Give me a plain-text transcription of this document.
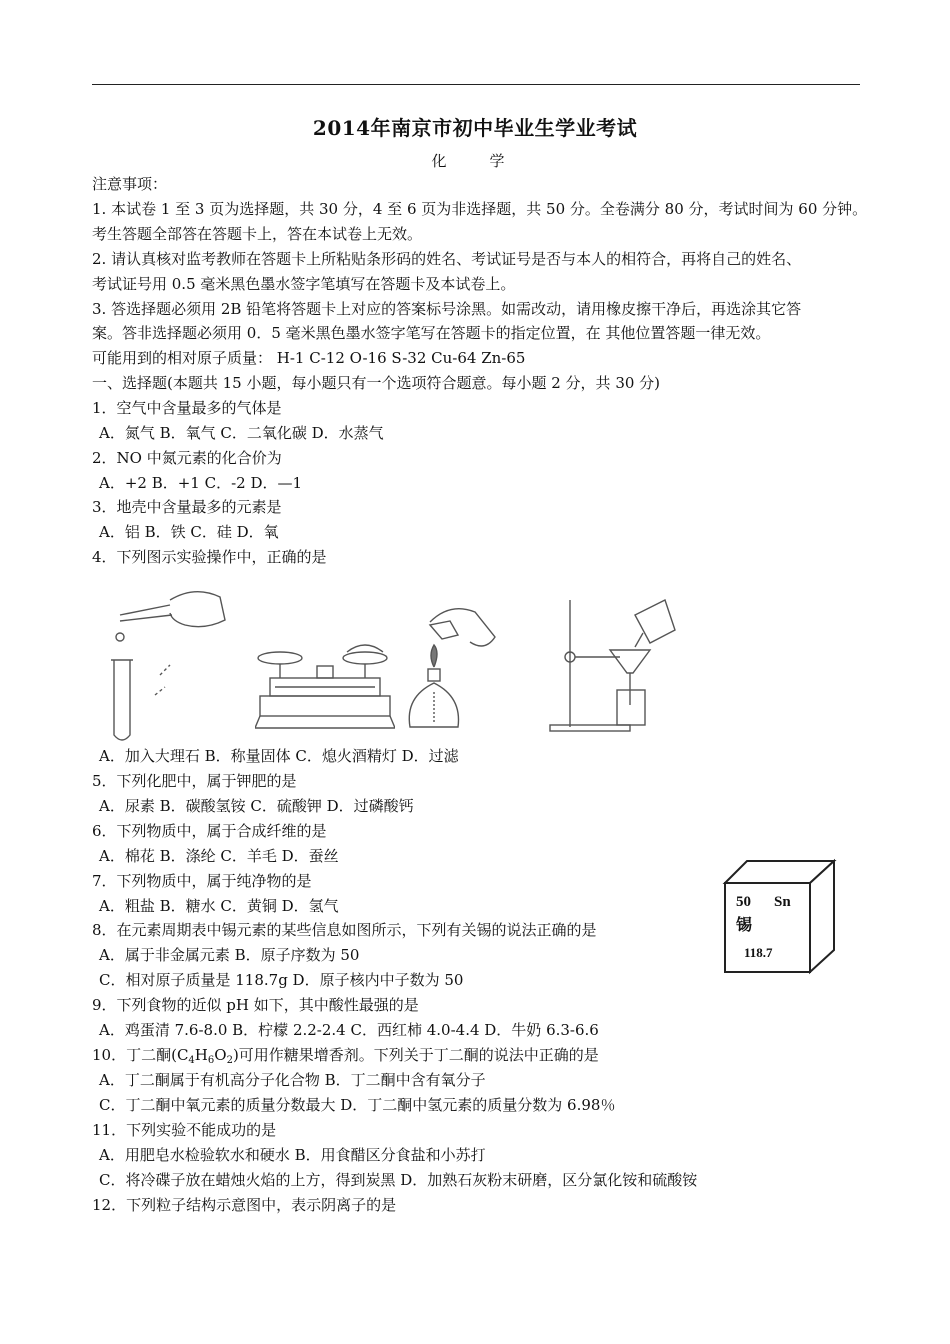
2014年南京市初中毕业生学业考试
化　学
注意事项：
1. 本试卷 1 至 3 页为选择题，共 30 分，4 至 6 页为非选择题，共 50 分。全卷满分 80 分，考试时间为 60 分钟。
考生答题全部答在答题卡上，答在本试卷上无效。
2. 请认真核对监考教师在答题卡上所粘贴条形码的姓名、考试证号是否与本人的相符合，再将自己的姓名、
考试证号用 0.5 毫米黑色墨水签字笔填写在答题卡及本试卷上。
3. 答选择题必须用 2B 铅笔将答题卡上对应的答案标号涂黑。如需改动，请用橡皮擦干净后，再选涂其它答
案。答非选择题必须用 0．5 毫米黑色墨水签字笔写在答题卡的指定位置，在 其他位置答题一律无效。
可能用到的相对原子质量： H-1 C-12 O-16 S-32 Cu-64 Zn-65
一、选择题(本题共 15 小题，每小题只有一个选项符合题意。每小题 2 分，共 30 分)
1．空气中含量最多的气体是
A．氮气 B．氧气 C．二氧化碳 D．水蒸气
2．NO 中氮元素的化合价为
A．+2 B．+1 C．-2 D．—1
3．地壳中含量最多的元素是
A．铝 B．铁 C．硅 D．氧
4．下列图示实验操作中，正确的是
A．加入大理石 B．称量固体 C．熄火酒精灯 D．过滤
5．下列化肥中，属于钾肥的是
A．尿素 B．碳酸氢铵 C．硫酸钾 D．过磷酸钙
6．下列物质中，属于合成纤维的是
A．棉花 B．涤纶 C．羊毛 D．蚕丝
7．下列物质中，属于纯净物的是
A．粗盐 B．糖水 C．黄铜 D．氢气	50 Sn
锡
118.7
8．在元素周期表中锡元素的某些信息如图所示，下列有关锡的说法正确的是
A．属于非金属元素 B．原子序数为 50
C．相对原子质量是 118.7g D．原子核内中子数为 50
9．下列食物的近似 pH 如下，其中酸性最强的是
A．鸡蛋清 7.6-8.0 B．柠檬 2.2-2.4 C．西红柿 4.0-4.4 D．牛奶 6.3-6.6
10．丁二酮$(C_4H_6O_2)$可用作糖果增香剂。下列关于丁二酮的说法中正确的是
A．丁二酮属于有机高分子化合物 B．丁二酮中含有氧分子
C．丁二酮中氧元素的质量分数最大 D．丁二酮中氢元素的质量分数为 6.98％
11．下列实验不能成功的是
A．用肥皂水检验软水和硬水 B．用食醋区分食盐和小苏打
C．将冷碟子放在蜡烛火焰的上方，得到炭黑 D．加熟石灰粉末研磨，区分氯化铵和硫酸铵
12．下列粒子结构示意图中，表示阴离子的是
